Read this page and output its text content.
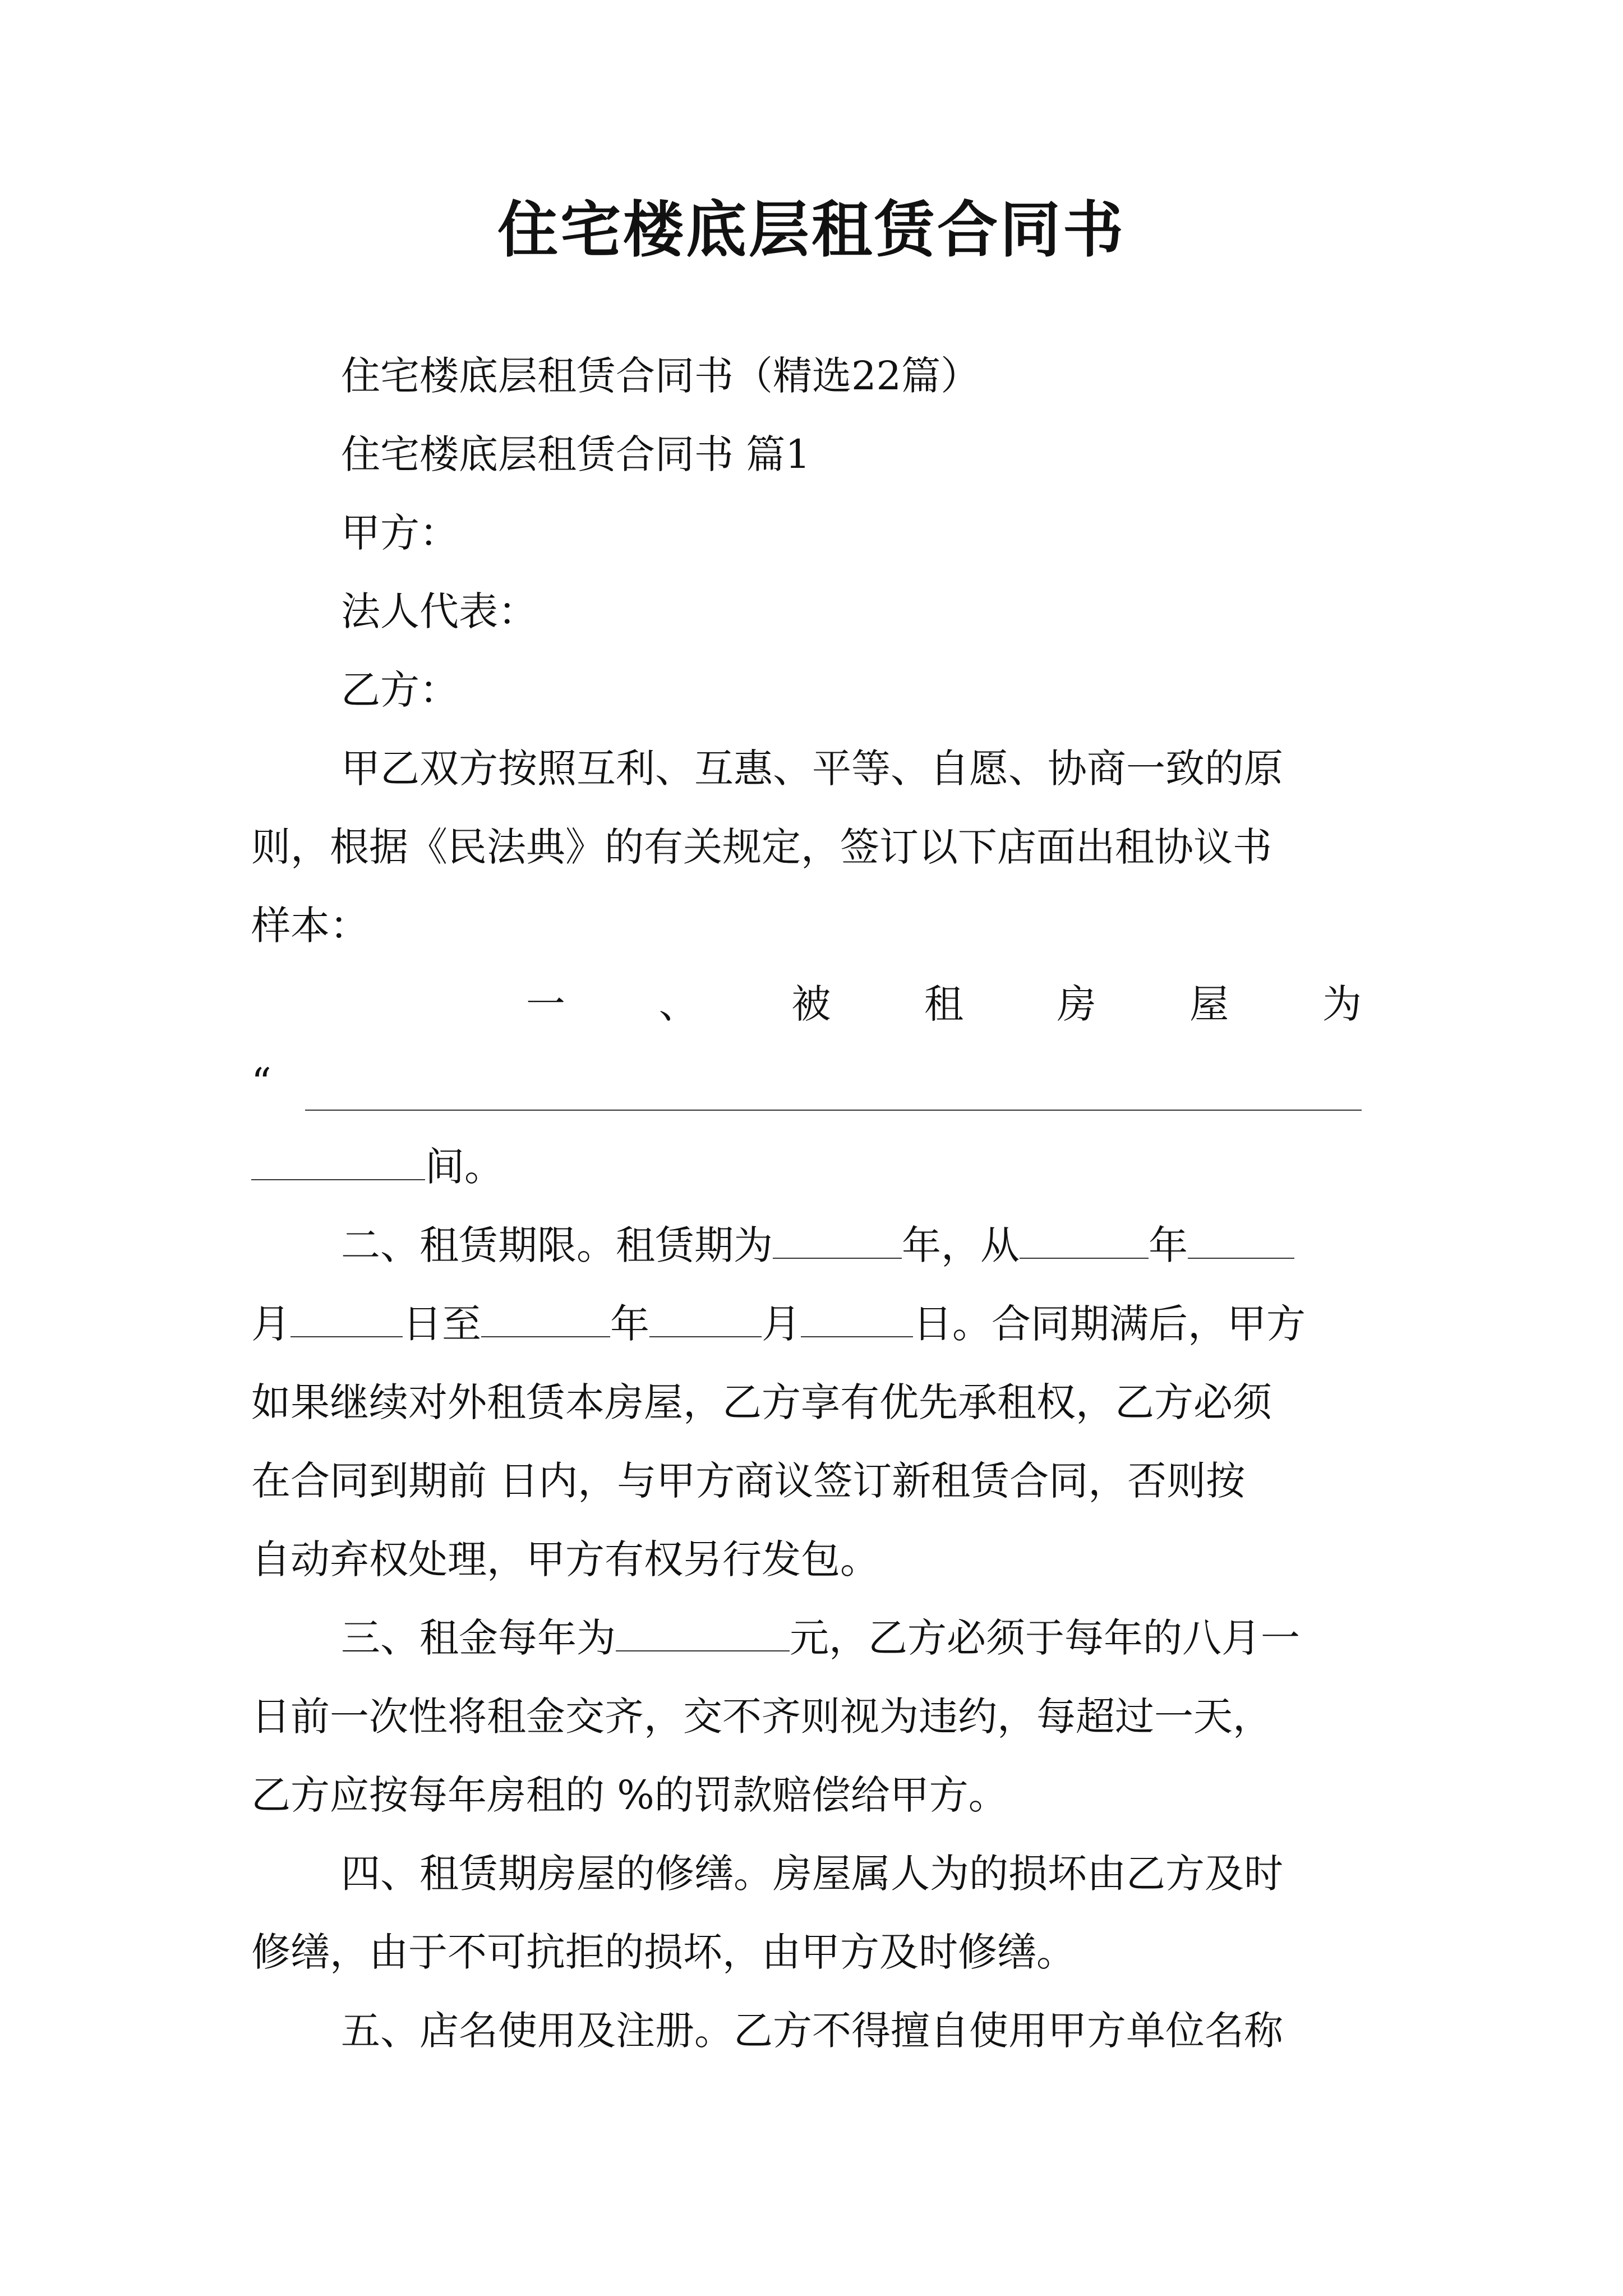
住宅楼底层租赁合同书
住宅楼底层租赁合同书（精选22篇）
住宅楼底层租赁合同书 篇1
甲方：
法人代表：
乙方：
甲乙双方按照互利、互惠、平等、自愿、协商一致的原
则，根据《民法典》的有关规定，签订以下店面出租协议书
样本：
一 、 被 租 房 屋 为
“
间。
二、租赁期限。租赁期为	年，从	年
月	日至	年	月	日。合同期满后，甲方
如果继续对外租赁本房屋，乙方享有优先承租权，乙方必须
在合同到期前 日内，与甲方商议签订新租赁合同，否则按
自动弃权处理，甲方有权另行发包。
三、租金每年为	元，乙方必须于每年的八月一
日前一次性将租金交齐，交不齐则视为违约，每超过一天，
乙方应按每年房租的 %的罚款赔偿给甲方。
四、租赁期房屋的修缮。房屋属人为的损坏由乙方及时
修缮，由于不可抗拒的损坏，由甲方及时修缮。
五、店名使用及注册。乙方不得擅自使用甲方单位名称
